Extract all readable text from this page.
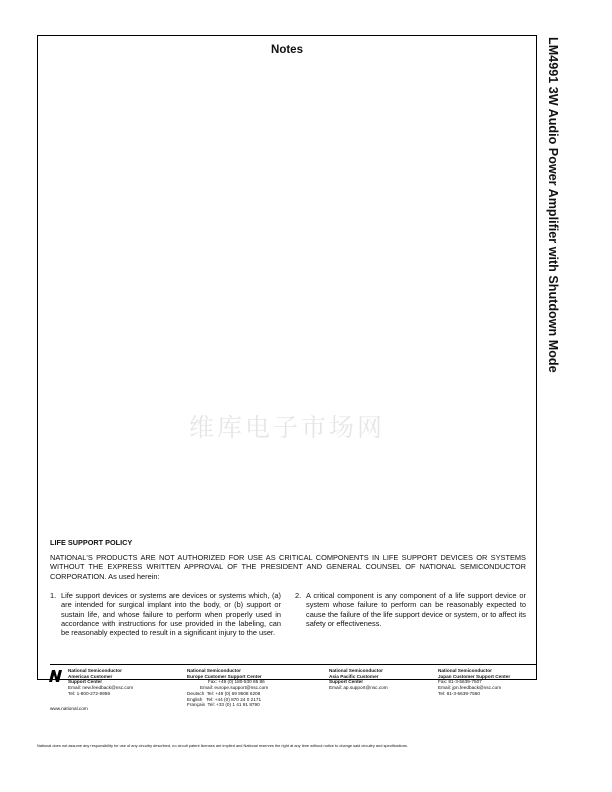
Notes
维库电子市场网
LIFE SUPPORT POLICY
NATIONAL'S PRODUCTS ARE NOT AUTHORIZED FOR USE AS CRITICAL COMPONENTS IN LIFE SUPPORT DEVICES OR SYSTEMS WITHOUT THE EXPRESS WRITTEN APPROVAL OF THE PRESIDENT AND GENERAL COUNSEL OF NATIONAL SEMICONDUCTOR CORPORATION. As used herein:
1. Life support devices or systems are devices or systems which, (a) are intended for surgical implant into the body, or (b) support or sustain life, and whose failure to perform when properly used in accordance with instructions for use provided in the labeling, can be reasonably expected to result in a significant injury to the user.
2. A critical component is any component of a life support device or system whose failure to perform can be reasonably expected to cause the failure of the life support device or system, or to affect its safety or effectiveness.
National Semiconductor
Americas Customer
Support Center
Email: new.feedback@nsc.com
Tel: 1-800-272-9959
www.national.com
National Semiconductor
Europe Customer Support Center
Fax: +49 (0) 180-530 85 86
Email: europe.support@nsc.com
Deutsch  Tel: +49 (0) 69 9508 6208
English   Tel: +44 (0) 870 24 0 2171
Français  Tel: +33 (0) 1 41 91 8790
National Semiconductor
Asia Pacific Customer
Support Center
Email: ap.support@nsc.com
National Semiconductor
Japan Customer Support Center
Fax: 81-3-5639-7507
Email: jpn.feedback@nsc.com
Tel: 81-3-5639-7560
LM4991 3W Audio Power Amplifier with Shutdown Mode
National does not assume any responsibility for use of any circuitry described, no circuit patent licenses are implied and National reserves the right at any time without notice to change said circuitry and specifications.
